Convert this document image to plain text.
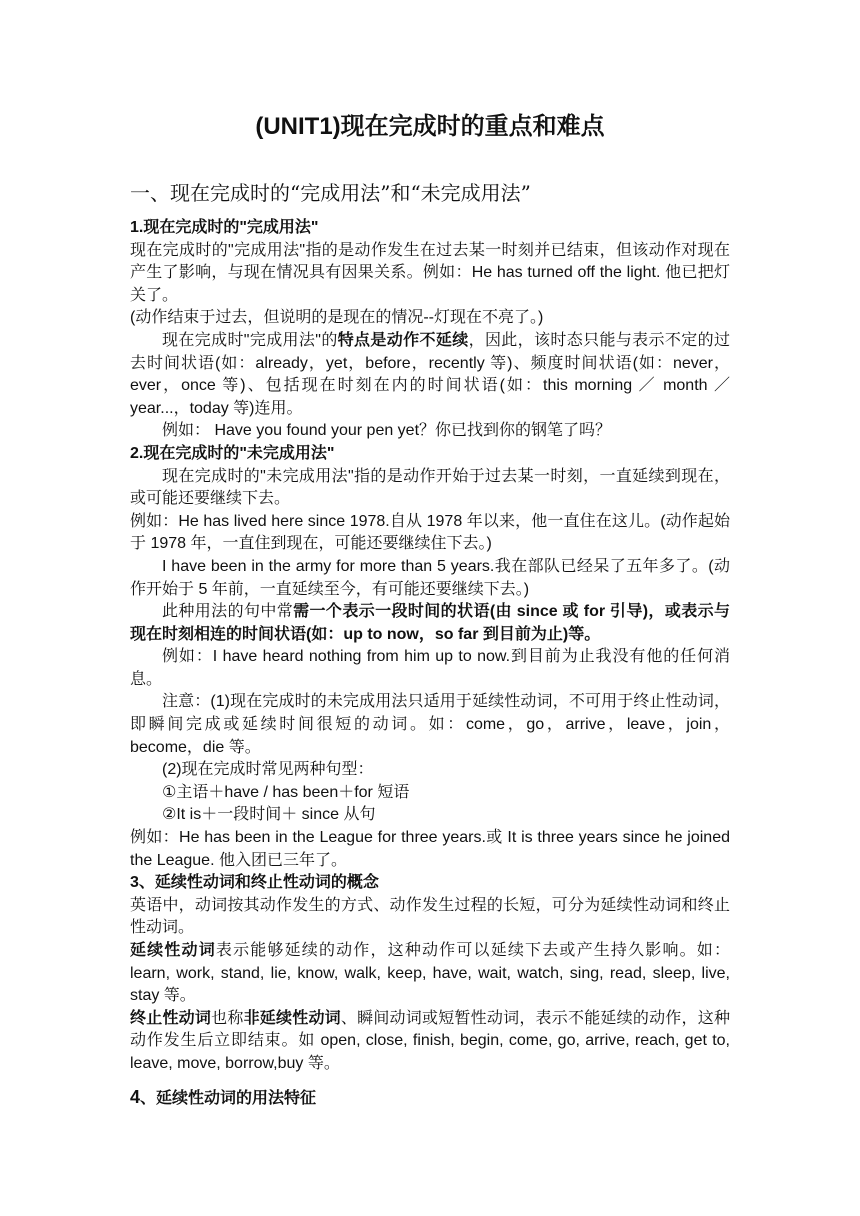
(UNIT1)现在完成时的重点和难点
一、现在完成时的“完成用法”和“未完成用法”

1.现在完成时的"完成用法"

现在完成时的"完成用法"指的是动作发生在过去某一时刻并已结束，但该动作对现在产生了影响，与现在情况具有因果关系。例如：He has turned off the light. 他已把灯关了。

(动作结束于过去，但说明的是现在的情况--灯现在不亮了。)

现在完成时"完成用法"的特点是动作不延续，因此，该时态只能与表示不定的过去时间状语(如：already，yet，before，recently 等)、频度时间状语(如：never，ever，once 等)、包括现在时刻在内的时间状语(如：this morning ／ month ／year...，today 等)连用。

例如： Have you found your pen yet？你已找到你的钢笔了吗？

2.现在完成时的"未完成用法"

现在完成时的"未完成用法"指的是动作开始于过去某一时刻，一直延续到现在，或可能还要继续下去。

例如：He has lived here since 1978.自从 1978 年以来，他一直住在这儿。(动作起始于 1978 年，一直住到现在，可能还要继续住下去。)

I have been in the army for more than 5 years.我在部队已经呆了五年多了。(动作开始于 5 年前，一直延续至今，有可能还要继续下去。)

此种用法的句中常需一个表示一段时间的状语(由 since 或 for 引导)，或表示与现在时刻相连的时间状语(如：up to now，so far 到目前为止)等。

例如：I have heard nothing from him up to now.到目前为止我没有他的任何消息。

注意：(1)现在完成时的未完成用法只适用于延续性动词，不可用于终止性动词，即瞬间完成或延续时间很短的动词。如：come，go，arrive，leave，join，become，die 等。

(2)现在完成时常见两种句型：

①主语＋have / has been＋for 短语

②It is＋一段时间＋ since 从句

例如：He has been in the League for three years.或 It is three years since he joined the League. 他入团已三年了。

3、延续性动词和终止性动词的概念

英语中，动词按其动作发生的方式、动作发生过程的长短，可分为延续性动词和终止性动词。

延续性动词表示能够延续的动作，这种动作可以延续下去或产生持久影响。如：learn, work, stand, lie, know, walk, keep, have, wait, watch, sing, read, sleep, live, stay 等。

终止性动词也称非延续性动词、瞬间动词或短暂性动词，表示不能延续的动作，这种动作发生后立即结束。如 open, close, finish, begin, come, go, arrive, reach, get to, leave, move, borrow,buy 等。

4、延续性动词的用法特征
